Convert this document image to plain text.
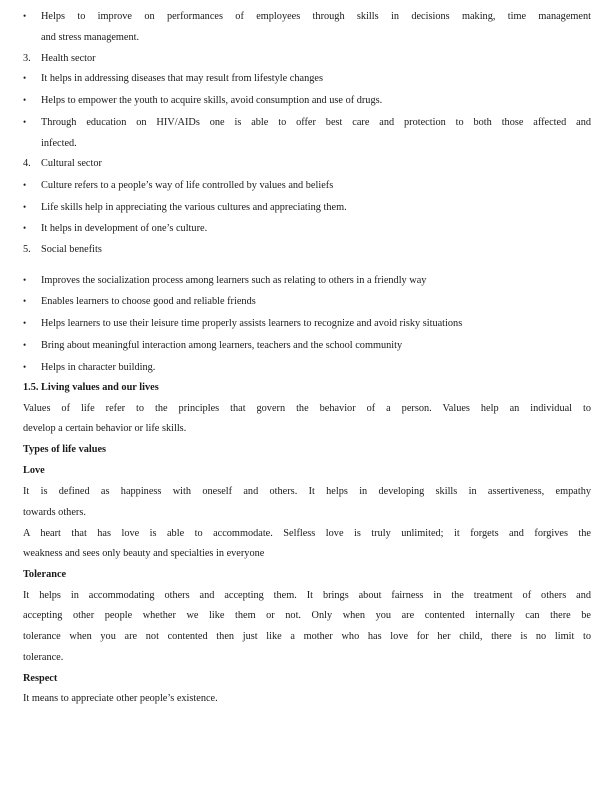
•	Helps to improve on performances of employees through skills in decisions making, time management
and stress management.
3. Health sector
•	It helps in addressing diseases that may result from lifestyle changes
•	Helps to empower the youth to acquire skills, avoid consumption and use of drugs.
•	Through education on HIV/AIDs one is able to offer best care and protection to both those affected and
infected.
4. Cultural sector
•	Culture refers to a people’s way of life controlled by values and beliefs
•	Life skills help in appreciating the various cultures and appreciating them.
•	It helps in development of one’s culture.
5. Social benefits
•	Improves the socialization process among learners such as relating to others in a friendly way
•	Enables learners to choose good and reliable friends
•	Helps learners to use their leisure time properly assists learners to recognize and avoid risky situations
•	Bring about meaningful interaction among learners, teachers and the school community
•	Helps in character building.
1.5. Living values and our lives
Values of life refer to the principles that govern the behavior of a person. Values help an individual to
develop a certain behavior or life skills.
Types of life values
Love
It is defined as happiness with oneself and others. It helps in developing skills in assertiveness, empathy
towards others.
A heart that has love is able to accommodate. Selfless love is truly unlimited; it forgets and forgives the
weakness and sees only beauty and specialties in everyone
Tolerance
It helps in accommodating others and accepting them. It brings about fairness in the treatment of others and
accepting other people whether we like them or not. Only when you are contented internally can there be
tolerance when you are not contented then just like a mother who has love for her child, there is no limit to
tolerance.
Respect
It means to appreciate other people’s existence.
